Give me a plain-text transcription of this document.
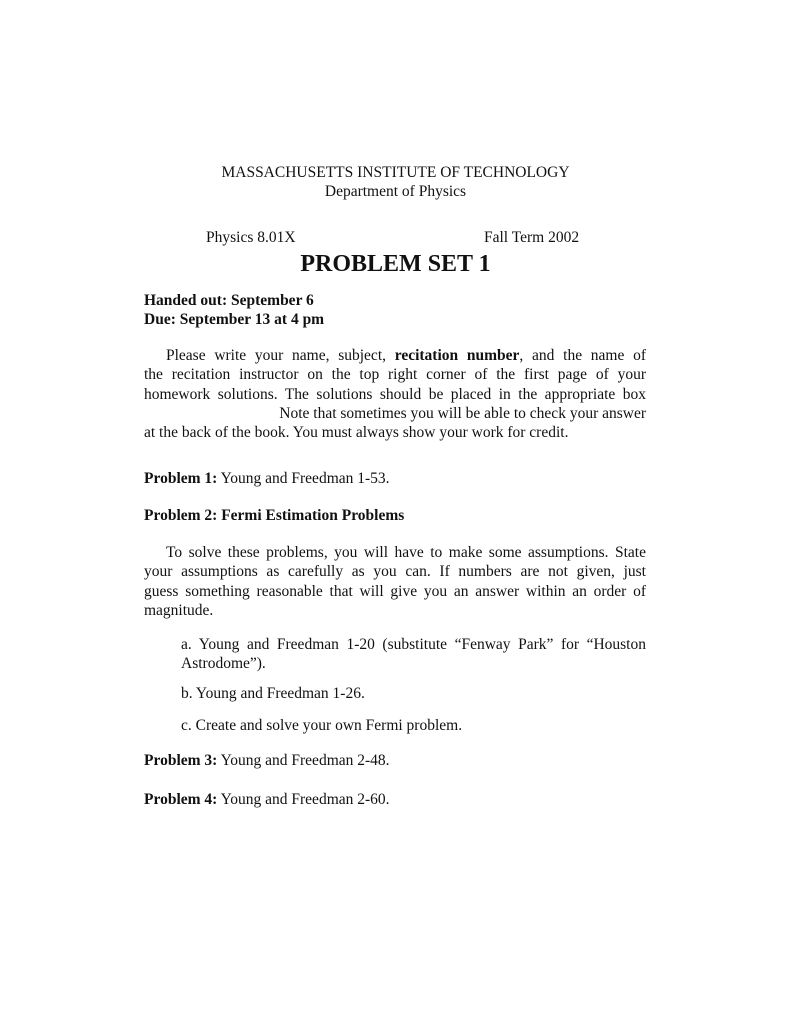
MASSACHUSETTS INSTITUTE OF TECHNOLOGY
Department of Physics
Physics 8.01X	Fall Term 2002
PROBLEM SET 1
Handed out: September 6
Due: September 13 at 4 pm
Please write your name, subject, recitation number, and the name of
the recitation instructor on the top right corner of the first page of your
homework solutions. The solutions should be placed in the appropriate box
Note that sometimes you will be able to check your answer
at the back of the book. You must always show your work for credit.
Problem 1: Young and Freedman 1-53.
Problem 2: Fermi Estimation Problems
To solve these problems, you will have to make some assumptions. State
your assumptions as carefully as you can. If numbers are not given, just
guess something reasonable that will give you an answer within an order of
magnitude.
a. Young and Freedman 1-20 (substitute “Fenway Park” for “Houston
Astrodome”).
b. Young and Freedman 1-26.
c. Create and solve your own Fermi problem.
Problem 3: Young and Freedman 2-48.
Problem 4: Young and Freedman 2-60.
